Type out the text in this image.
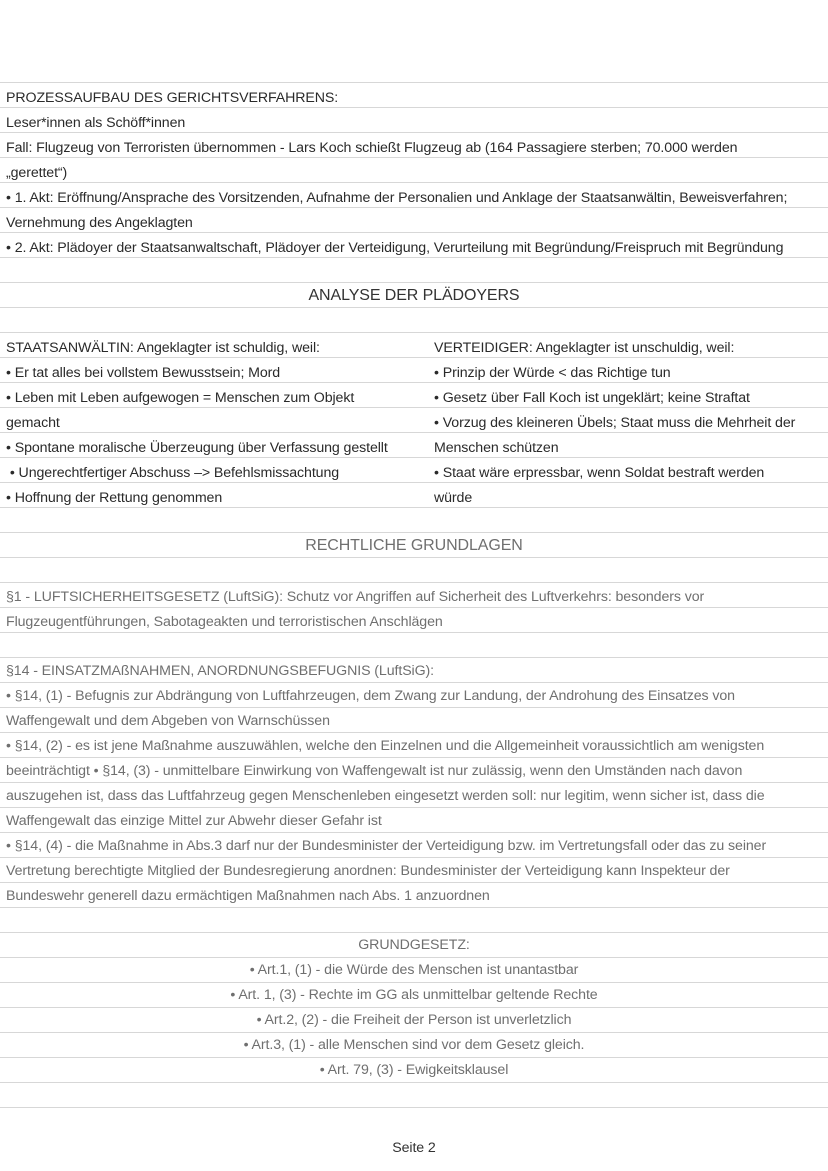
PROZESSAUFBAU DES GERICHTSVERFAHRENS:
Leser*innen als Schöff*innen
Fall: Flugzeug von Terroristen übernommen - Lars Koch schießt Flugzeug ab (164 Passagiere sterben; 70.000 werden
„gerettet“)
• 1. Akt: Eröffnung/Ansprache des Vorsitzenden, Aufnahme der Personalien und Anklage der Staatsanwältin, Beweisverfahren;
Vernehmung des Angeklagten
• 2. Akt: Plädoyer der Staatsanwaltschaft, Plädoyer der Verteidigung, Verurteilung mit Begründung/Freispruch mit Begründung
ANALYSE DER PLÄDOYERS
STAATSANWÄLTIN: Angeklagter ist schuldig, weil:
• Er tat alles bei vollstem Bewusstsein; Mord
• Leben mit Leben aufgewogen = Menschen zum Objekt
gemacht
• Spontane moralische Überzeugung über Verfassung gestellt
• Ungerechtfertiger Abschuss –> Befehlsmissachtung
• Hoffnung der Rettung genommen
VERTEIDIGER: Angeklagter ist unschuldig, weil:
• Prinzip der Würde < das Richtige tun
• Gesetz über Fall Koch ist ungeklärt; keine Straftat
• Vorzug des kleineren Übels; Staat muss die Mehrheit der
Menschen schützen
• Staat wäre erpressbar, wenn Soldat bestraft werden
würde
RECHTLICHE GRUNDLAGEN
§1 - LUFTSICHERHEITSGESETZ (LuftSiG): Schutz vor Angriffen auf Sicherheit des Luftverkehrs: besonders vor
Flugzeugentführungen, Sabotageakten und terroristischen Anschlägen
§14 - EINSATZMAßNAHMEN, ANORDNUNGSBEFUGNIS (LuftSiG):
• §14, (1) - Befugnis zur Abdrängung von Luftfahrzeugen, dem Zwang zur Landung, der Androhung des Einsatzes von
Waffengewalt und dem Abgeben von Warnschüssen
• §14, (2) - es ist jene Maßnahme auszuwählen, welche den Einzelnen und die Allgemeinheit voraussichtlich am wenigsten
beeinträchtigt • §14, (3) - unmittelbare Einwirkung von Waffengewalt ist nur zulässig, wenn den Umständen nach davon
auszugehen ist, dass das Luftfahrzeug gegen Menschenleben eingesetzt werden soll: nur legitim, wenn sicher ist, dass die
Waffengewalt das einzige Mittel zur Abwehr dieser Gefahr ist
• §14, (4) - die Maßnahme in Abs.3 darf nur der Bundesminister der Verteidigung bzw. im Vertretungsfall oder das zu seiner
Vertretung berechtigte Mitglied der Bundesregierung anordnen: Bundesminister der Verteidigung kann Inspekteur der
Bundeswehr generell dazu ermächtigen Maßnahmen nach Abs. 1 anzuordnen
GRUNDGESETZ:
• Art.1, (1) - die Würde des Menschen ist unantastbar
• Art. 1, (3) - Rechte im GG als unmittelbar geltende Rechte
• Art.2, (2) - die Freiheit der Person ist unverletzlich
• Art.3, (1) - alle Menschen sind vor dem Gesetz gleich.
• Art. 79, (3) - Ewigkeitsklausel
Seite 2
